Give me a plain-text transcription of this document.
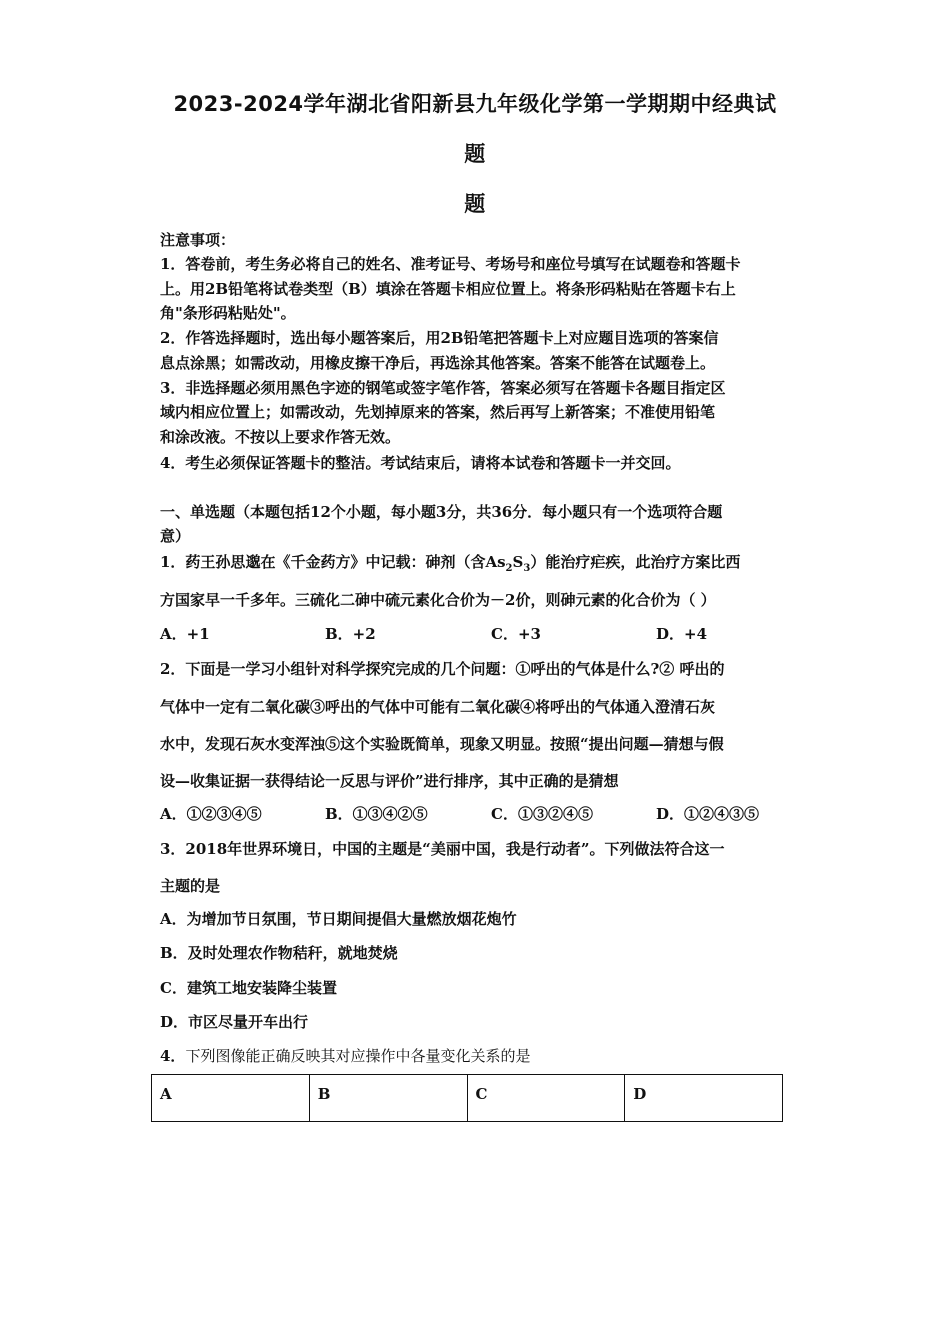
2023-2024学年湖北省阳新县九年级化学第一学期期中经典试
题
题
注意事项：
1．答卷前，考生务必将自己的姓名、准考证号、考场号和座位号填写在试题卷和答题卡
上。用2B铅笔将试卷类型（B）填涂在答题卡相应位置上。将条形码粘贴在答题卡右上
角"条形码粘贴处"。
2．作答选择题时，选出每小题答案后，用2B铅笔把答题卡上对应题目选项的答案信
息点涂黑；如需改动，用橡皮擦干净后，再选涂其他答案。答案不能答在试题卷上。
3．非选择题必须用黑色字迹的钢笔或签字笔作答，答案必须写在答题卡各题目指定区
域内相应位置上；如需改动，先划掉原来的答案，然后再写上新答案；不准使用铅笔
和涂改液。不按以上要求作答无效。
4．考生必须保证答题卡的整洁。考试结束后，请将本试卷和答题卡一并交回。
一、单选题（本题包括12个小题，每小题3分，共36分．每小题只有一个选项符合题
意）
1．药王孙思邈在《千金药方》中记载：砷剂（含$As_2S_3$）能治疗疟疾，此治疗方案比西
方国家早一千多年。三硫化二砷中硫元素化合价为－2价，则砷元素的化合价为（ ）
A．+1	B．+2	C．+3	D．+4
2．下面是一学习小组针对科学探究完成的几个问题：①呼出的气体是什么?② 呼出的
气体中一定有二氧化碳③呼出的气体中可能有二氧化碳④将呼出的气体通入澄清石灰
水中，发现石灰水变浑浊⑤这个实验既简单，现象又明显。按照“提出问题—猜想与假
设—收集证据一获得结论一反思与评价”进行排序，其中正确的是猜想
A．①②③④⑤	B．①③④②⑤	C．①③②④⑤	D．①②④③⑤
3．2018年世界环境日，中国的主题是“美丽中国，我是行动者”。下列做法符合这一
主题的是
A．为增加节日氛围，节日期间提倡大量燃放烟花炮竹
B．及时处理农作物秸秆，就地焚烧
C．建筑工地安装降尘装置
D．市区尽量开车出行
4．下列图像能正确反映其对应操作中各量变化关系的是
A	B	C	D
